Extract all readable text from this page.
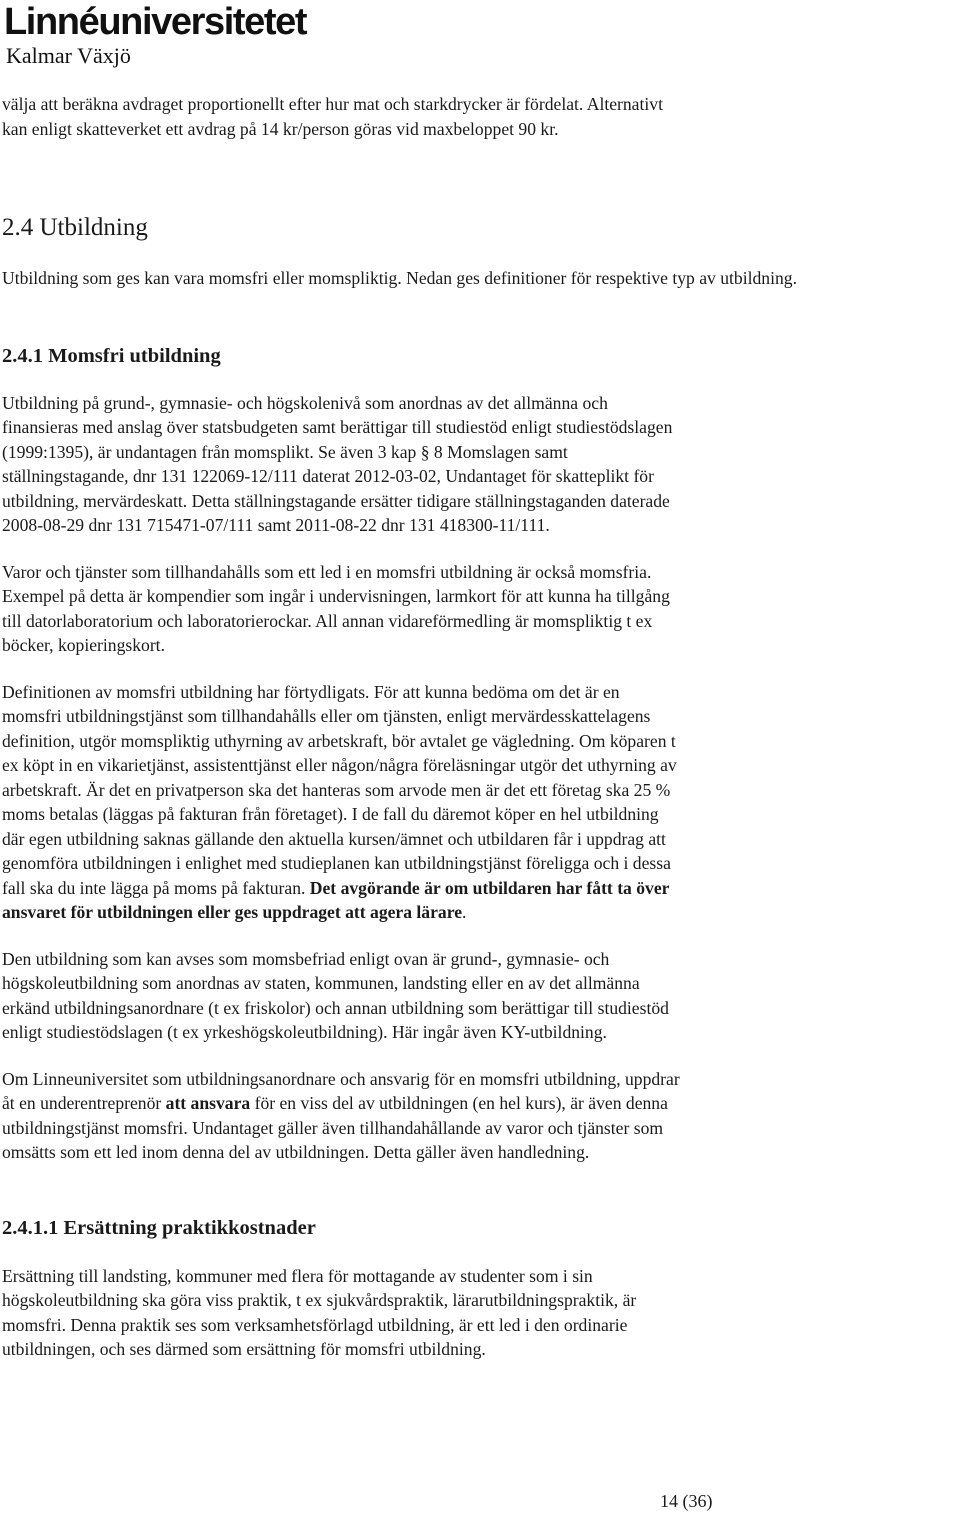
Linnéuniversitetet
Kalmar Växjö

välja att beräkna avdraget proportionellt efter hur mat och starkdrycker är fördelat. Alternativt
kan enligt skatteverket ett avdrag på 14 kr/person göras vid maxbeloppet 90 kr.

2.4 Utbildning

Utbildning som ges kan vara momsfri eller momspliktig. Nedan ges definitioner för respektive typ av utbildning.

2.4.1 Momsfri utbildning

Utbildning på grund-, gymnasie- och högskolenivå som anordnas av det allmänna och
finansieras med anslag över statsbudgeten samt berättigar till studiestöd enligt studiestödslagen
(1999:1395), är undantagen från momsplikt. Se även 3 kap § 8 Momslagen samt
ställningstagande, dnr 131 122069-12/111 daterat 2012-03-02, Undantaget för skatteplikt för
utbildning, mervärdeskatt. Detta ställningstagande ersätter tidigare ställningstaganden daterade
2008-08-29 dnr 131 715471-07/111 samt 2011-08-22 dnr 131 418300-11/111.

Varor och tjänster som tillhandahålls som ett led i en momsfri utbildning är också momsfria.
Exempel på detta är kompendier som ingår i undervisningen, larmkort för att kunna ha tillgång
till datorlaboratorium och laboratorierockar. All annan vidareförmedling är momspliktig t ex
böcker, kopieringskort.

Definitionen av momsfri utbildning har förtydligats. För att kunna bedöma om det är en
momsfri utbildningstjänst som tillhandahålls eller om tjänsten, enligt mervärdesskattelagens
definition, utgör momspliktig uthyrning av arbetskraft, bör avtalet ge vägledning. Om köparen t
ex köpt in en vikarietjänst, assistenttjänst eller någon/några föreläsningar utgör det uthyrning av
arbetskraft. Är det en privatperson ska det hanteras som arvode men är det ett företag ska 25 %
moms betalas (läggas på fakturan från företaget). I de fall du däremot köper en hel utbildning
där egen utbildning saknas gällande den aktuella kursen/ämnet och utbildaren får i uppdrag att
genomföra utbildningen i enlighet med studieplanen kan utbildningstjänst föreligga och i dessa
fall ska du inte lägga på moms på fakturan. Det avgörande är om utbildaren har fått ta över
ansvaret för utbildningen eller ges uppdraget att agera lärare.

Den utbildning som kan avses som momsbefriad enligt ovan är grund-, gymnasie- och
högskoleutbildning som anordnas av staten, kommunen, landsting eller en av det allmänna
erkänd utbildningsanordnare (t ex friskolor) och annan utbildning som berättigar till studiestöd
enligt studiestödslagen (t ex yrkeshögskoleutbildning). Här ingår även KY-utbildning.

Om Linneuniversitet som utbildningsanordnare och ansvarig för en momsfri utbildning, uppdrar
åt en underentreprenör att ansvara för en viss del av utbildningen (en hel kurs), är även denna
utbildningstjänst momsfri. Undantaget gäller även tillhandahållande av varor och tjänster som
omsätts som ett led inom denna del av utbildningen. Detta gäller även handledning.

2.4.1.1 Ersättning praktikkostnader

Ersättning till landsting, kommuner med flera för mottagande av studenter som i sin
högskoleutbildning ska göra viss praktik, t ex sjukvårdspraktik, lärarutbildningspraktik, är
momsfri. Denna praktik ses som verksamhetsförlagd utbildning, är ett led i den ordinarie
utbildningen, och ses därmed som ersättning för momsfri utbildning.

14 (36)
